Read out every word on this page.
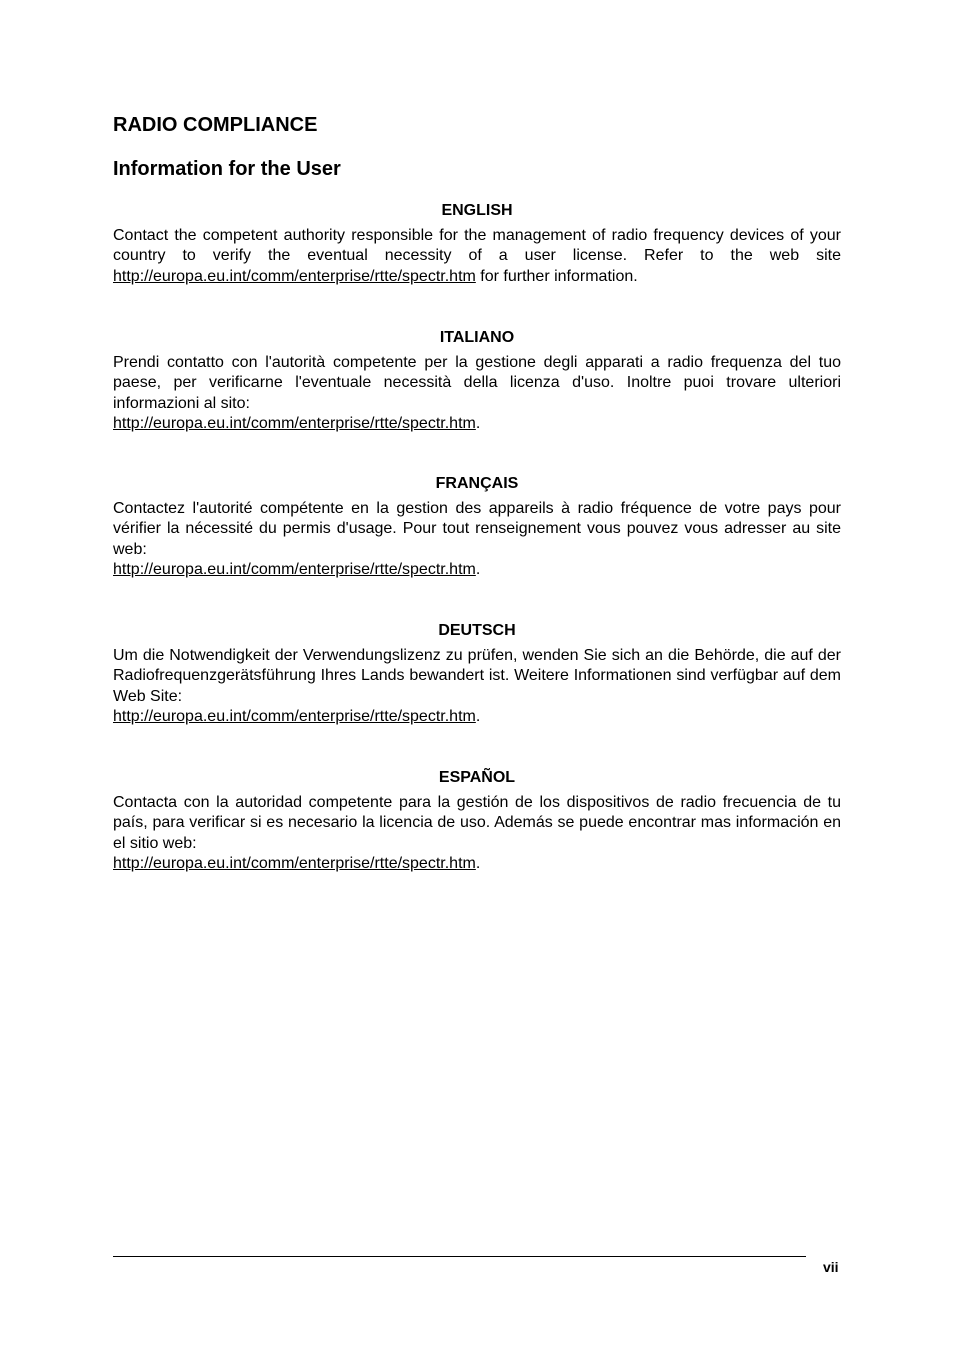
RADIO COMPLIANCE
Information for the User
ENGLISH

Contact the competent authority responsible for the management of radio frequency devices of your country to verify the eventual necessity of a user license. Refer to the web site http://europa.eu.int/comm/enterprise/rtte/spectr.htm for further information.

ITALIANO

Prendi contatto con l'autorità competente per la gestione degli apparati a radio frequenza del tuo paese, per verificarne l'eventuale necessità della licenza d'uso. Inoltre puoi trovare ulteriori informazioni al sito:
http://europa.eu.int/comm/enterprise/rtte/spectr.htm.

FRANÇAIS

Contactez l'autorité compétente en la gestion des appareils à radio fréquence de votre pays pour vérifier la nécessité du permis d'usage. Pour tout renseignement vous pouvez vous adresser au site web:
http://europa.eu.int/comm/enterprise/rtte/spectr.htm.

DEUTSCH

Um die Notwendigkeit der Verwendungslizenz zu prüfen, wenden Sie sich an die Behörde, die auf der Radiofrequenzgerätsführung Ihres Lands bewandert ist. Weitere Informationen sind verfügbar auf dem Web Site:
http://europa.eu.int/comm/enterprise/rtte/spectr.htm.

ESPAÑOL

Contacta con la autoridad competente para la gestión de los dispositivos de radio frecuencia de tu país, para verificar si es necesario la licencia de uso. Además se puede encontrar mas información en el sitio web:
http://europa.eu.int/comm/enterprise/rtte/spectr.htm.

vii
